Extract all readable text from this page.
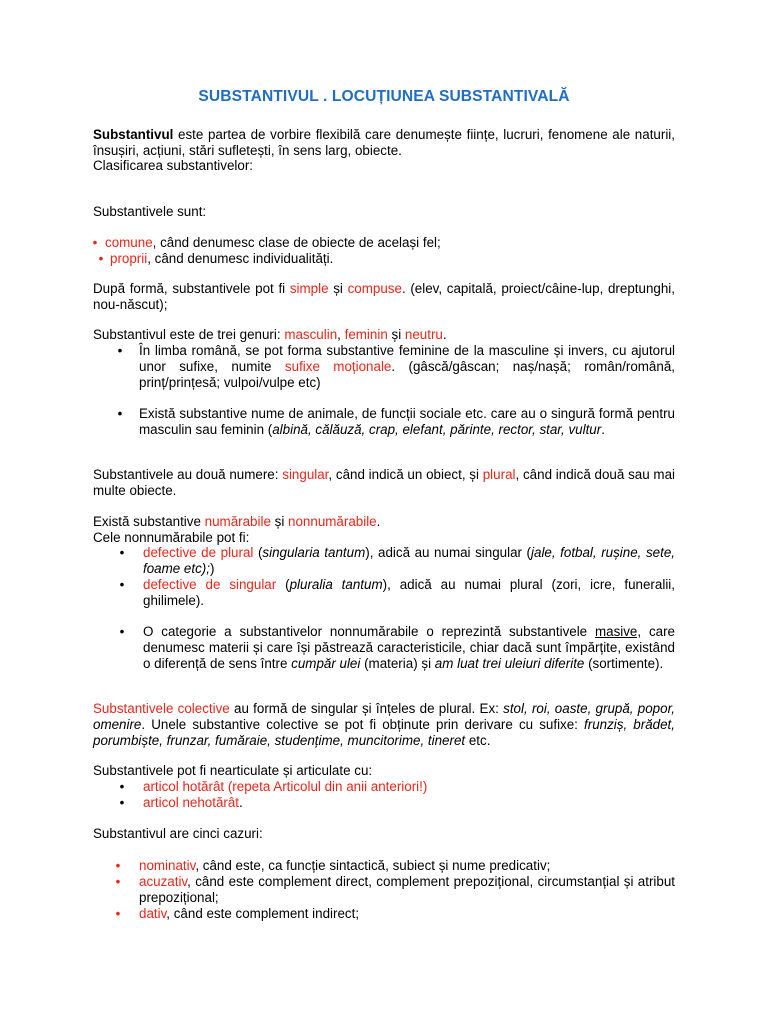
SUBSTANTIVUL . LOCUȚIUNEA SUBSTANTIVALĂ

Substantivul este partea de vorbire flexibilă care denumește ființe, lucruri, fenomene ale naturii, însușiri, acțiuni, stări sufletești, în sens larg, obiecte.

Clasificarea substantivelor:

Substantivele sunt:

• comune, când denumesc clase de obiecte de același fel;

• proprii, când denumesc individualități.

După formă, substantivele pot fi simple și compuse. (elev, capitală, proiect/câine-lup, dreptunghi, nou-născut);

Substantivul este de trei genuri: masculin, feminin și neutru.

• În limba română, se pot forma substantive feminine de la masculine și invers, cu ajutorul unor sufixe, numite sufixe moționale. (gâscă/gâscan; naș/nașă; român/română, prinț/prințesă; vulpoi/vulpe etc)

• Există substantive nume de animale, de funcții sociale etc. care au o singură formă pentru masculin sau feminin (albină, călăuză, crap, elefant, părinte, rector, star, vultur.

Substantivele au două numere: singular, când indică un obiect, și plural, când indică două sau mai multe obiecte.

Există substantive numărabile și nonnumărabile.

Cele nonnumărabile pot fi:

• defective de plural (singularia tantum), adică au numai singular (jale, fotbal, rușine, sete, foame etc);)

• defective de singular (pluralia tantum), adică au numai plural (zori, icre, funeralii, ghilimele).

• O categorie a substantivelor nonnumărabile o reprezintă substantivele masive, care denumesc materii și care își păstrează caracteristicile, chiar dacă sunt împărțite, existând o diferență de sens între cumpăr ulei (materia) și am luat trei uleiuri diferite (sortimente).

Substantivele colective au formă de singular și înțeles de plural. Ex: stol, roi, oaste, grupă, popor, omenire. Unele substantive colective se pot fi obținute prin derivare cu sufixe: frunziș, brădet, porumbiște, frunzar, fumăraie, studențime, muncitorime, tineret etc.

Substantivele pot fi nearticulate și articulate cu:

• articol hotărât (repeta Articolul din anii anteriori!)

• articol nehotărât.

Substantivul are cinci cazuri:

• nominativ, când este, ca funcție sintactică, subiect și nume predicativ;

• acuzativ, când este complement direct, complement prepozițional, circumstanțial și atribut prepozițional;

• dativ, când este complement indirect;
